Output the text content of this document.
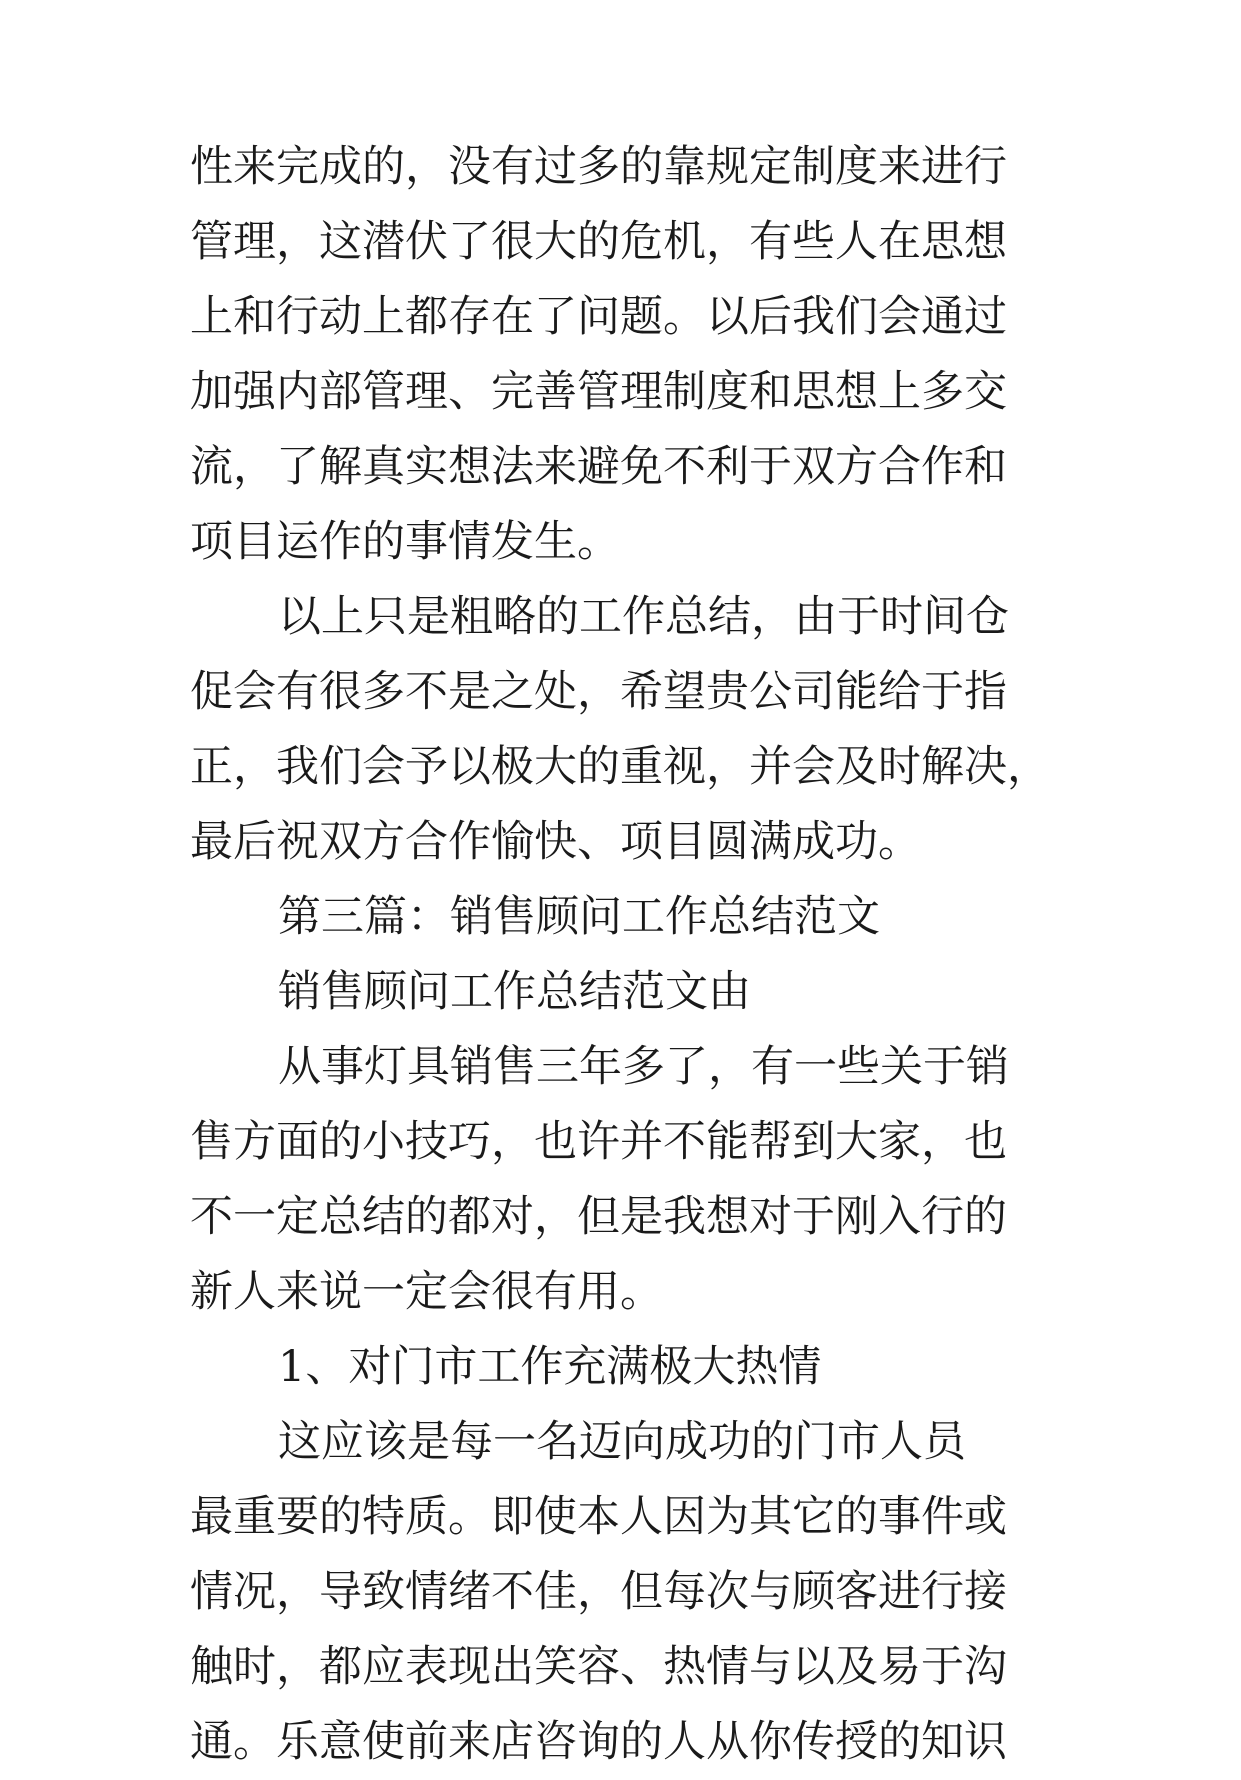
性来完成的，没有过多的靠规定制度来进行
管理，这潜伏了很大的危机，有些人在思想
上和行动上都存在了问题。以后我们会通过
加强内部管理、完善管理制度和思想上多交
流，了解真实想法来避免不利于双方合作和
项目运作的事情发生。
以上只是粗略的工作总结，由于时间仓
促会有很多不是之处，希望贵公司能给于指
正，我们会予以极大的重视，并会及时解决，
最后祝双方合作愉快、项目圆满成功。
第三篇：销售顾问工作总结范文
销售顾问工作总结范文由
从事灯具销售三年多了，有一些关于销
售方面的小技巧，也许并不能帮到大家，也
不一定总结的都对，但是我想对于刚入行的
新人来说一定会很有用。
1、对门市工作充满极大热情
这应该是每一名迈向成功的门市人员
最重要的特质。即使本人因为其它的事件或
情况，导致情绪不佳，但每次与顾客进行接
触时，都应表现出笑容、热情与以及易于沟
通。乐意使前来店咨询的人从你传授的知识
